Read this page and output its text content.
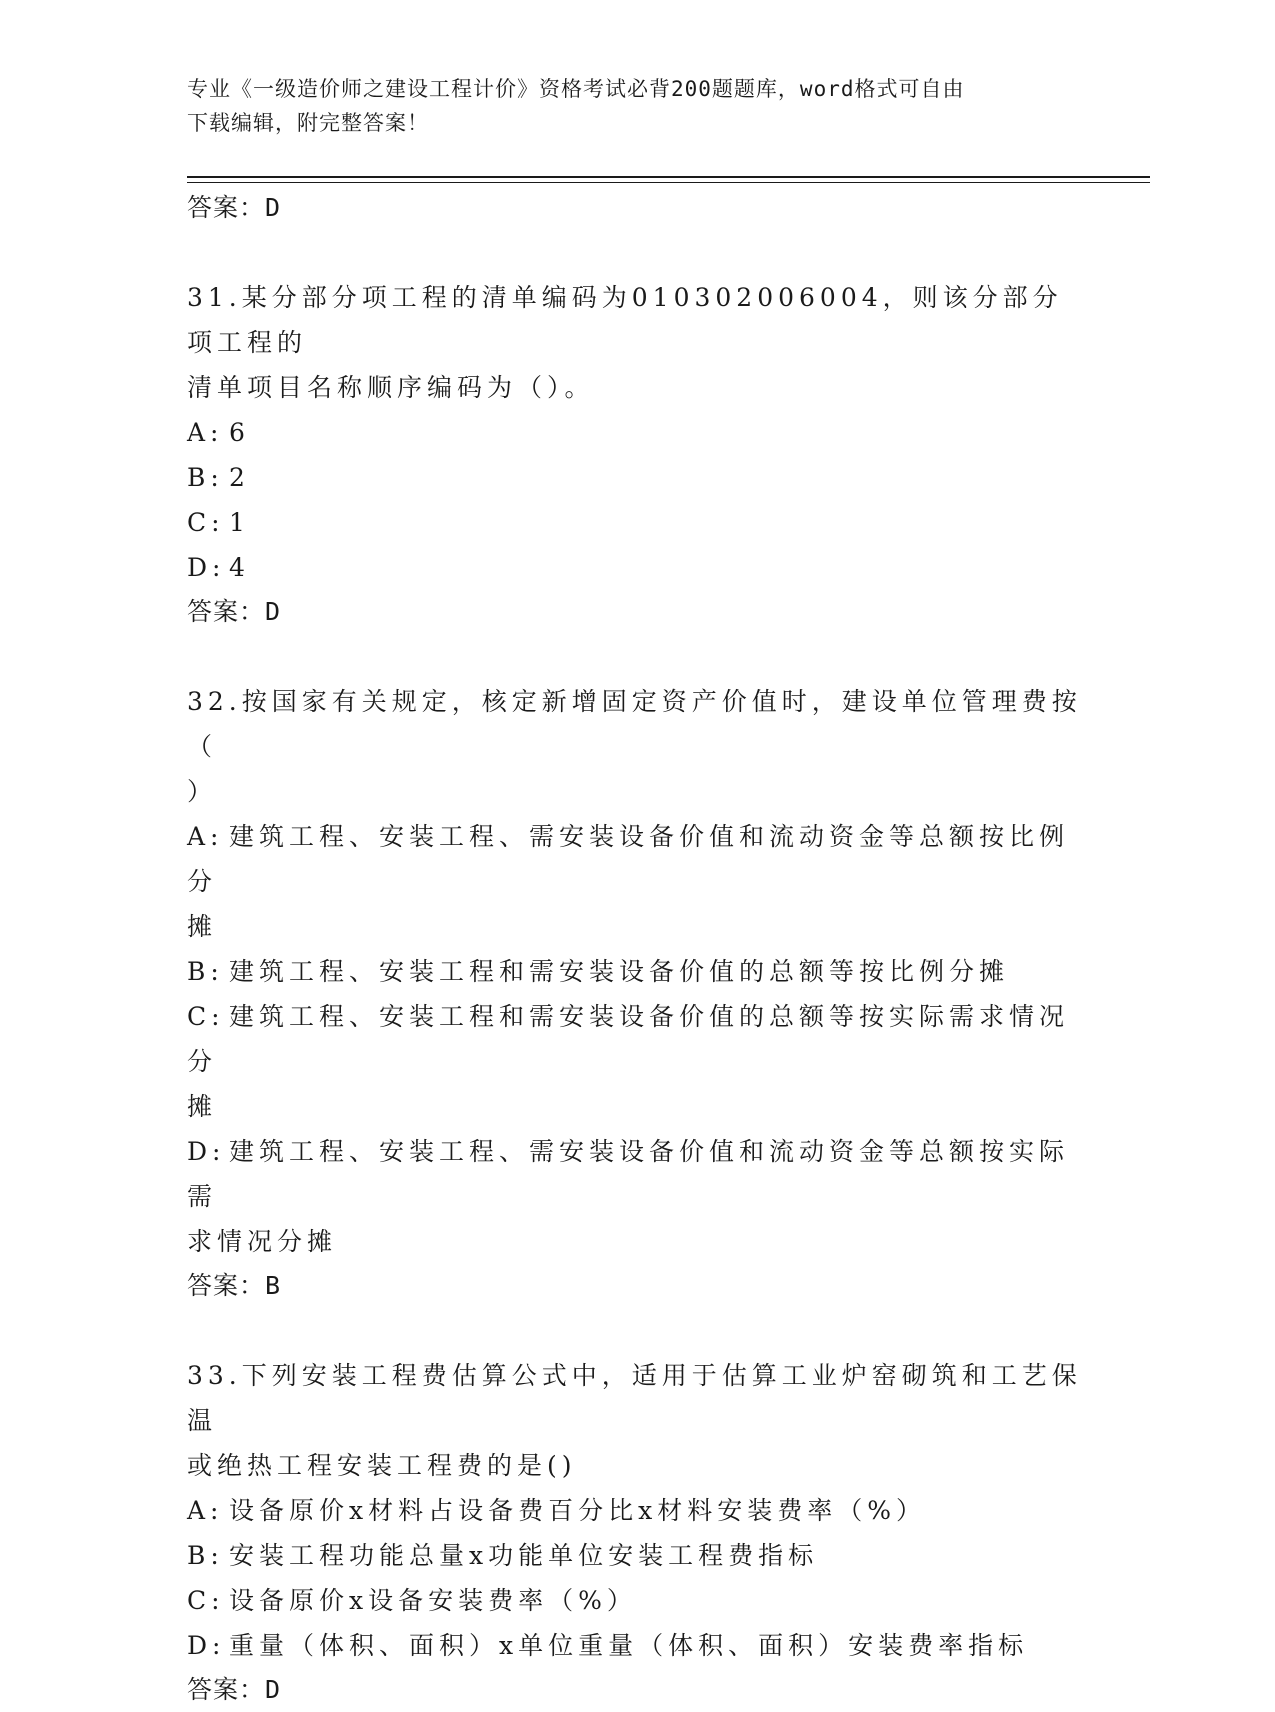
专业《一级造价师之建设工程计价》资格考试必背200题题库，word格式可自由
下载编辑，附完整答案！

答案：D

31.某分部分项工程的清单编码为010302006004，则该分部分项工程的

清单项目名称顺序编码为（）。

A: 6

B: 2

C: 1

D: 4

答案：D

32.按国家有关规定，核定新增固定资产价值时，建设单位管理费按（

）

A: 建筑工程、安装工程、需安装设备价值和流动资金等总额按比例分

摊

B: 建筑工程、安装工程和需安装设备价值的总额等按比例分摊

C: 建筑工程、安装工程和需安装设备价值的总额等按实际需求情况分

摊

D: 建筑工程、安装工程、需安装设备价值和流动资金等总额按实际需

求情况分摊

答案：B

33.下列安装工程费估算公式中，适用于估算工业炉窑砌筑和工艺保温

或绝热工程安装工程费的是()

A: 设备原价x材料占设备费百分比x材料安装费率（%）

B: 安装工程功能总量x功能单位安装工程费指标

C: 设备原价x设备安装费率（%）

D: 重量（体积、面积）x单位重量（体积、面积）安装费率指标

答案：D
